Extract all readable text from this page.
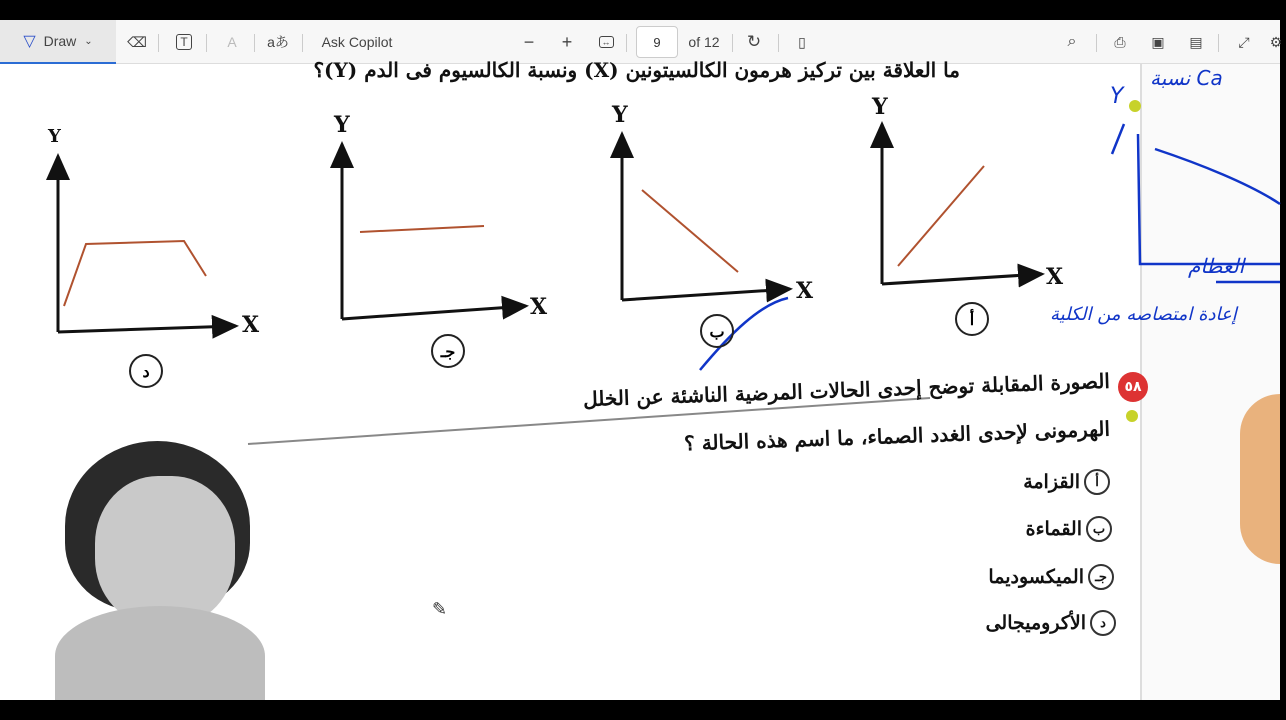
▽ Draw ⌄ ⌫	T	A	aあ	Ask Copilot	−	+	↔	9	of 12 ↻	▯	⌕	⎙	▣	▤	⤢	⚙
ما العلاقة بين تركيز هرمون الكالسيتونين (X) ونسبة الكالسيوم فى الدم (Y)؟
Y
X
Y
X
Y
X
Y
X
د
جـ
ب
أ
نسبة Ca
Y
العظام
إعادة امتصاصه من الكلية
٥٨
الصورة المقابلة توضح إحدى الحالات المرضية الناشئة عن الخلل
الهرمونى لإحدى الغدد الصماء، ما اسم هذه الحالة ؟
أ
القزامة
ب
القماءة
جـ
الميكسوديما
د
الأكروميجالى
✎
